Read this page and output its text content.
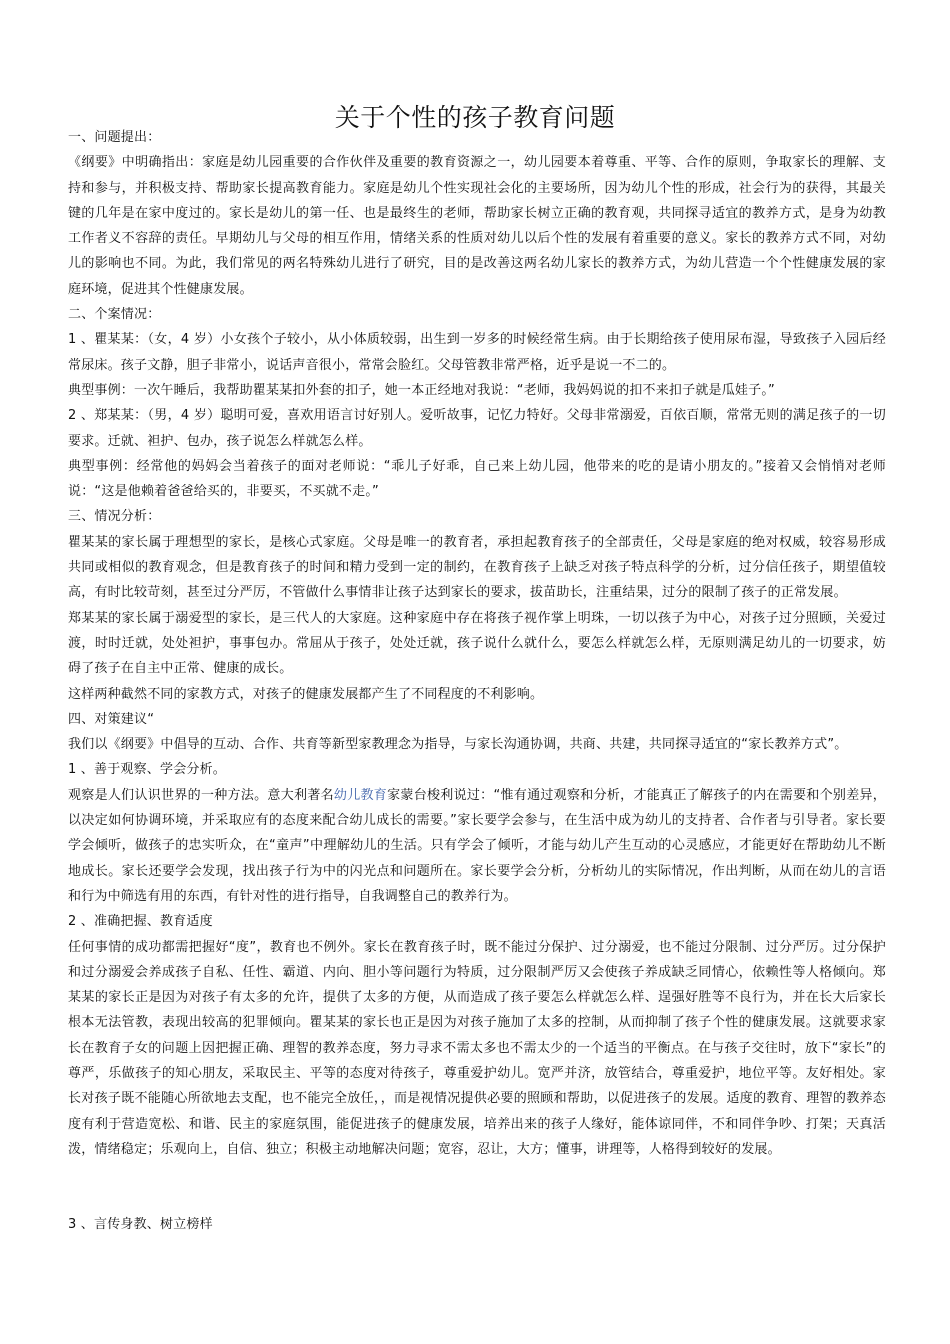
关于个性的孩子教育问题

一、问题提出：

《纲要》中明确指出：家庭是幼儿园重要的合作伙伴及重要的教育资源之一，幼儿园要本着尊重、平等、合作的原则，争取家长的理解、支持和参与，并积极支持、帮助家长提高教育能力。家庭是幼儿个性实现社会化的主要场所，因为幼儿个性的形成，社会行为的获得，其最关键的几年是在家中度过的。家长是幼儿的第一任、也是最终生的老师，帮助家长树立正确的教育观，共同探寻适宜的教养方式，是身为幼教工作者义不容辞的责任。早期幼儿与父母的相互作用，情绪关系的性质对幼儿以后个性的发展有着重要的意义。家长的教养方式不同，对幼儿的影响也不同。为此，我们常见的两名特殊幼儿进行了研究，目的是改善这两名幼儿家长的教养方式，为幼儿营造一个个性健康发展的家庭环境，促进其个性健康发展。

二、个案情况：

1 、瞿某某：（女，4 岁）小女孩个子较小，从小体质较弱，出生到一岁多的时候经常生病。由于长期给孩子使用尿布湿，导致孩子入园后经常尿床。孩子文静，胆子非常小，说话声音很小，常常会脸红。父母管教非常严格，近乎是说一不二的。

典型事例：一次午睡后，我帮助瞿某某扣外套的扣子，她一本正经地对我说：“老师，我妈妈说的扣不来扣子就是瓜娃子。”

2 、郑某某：（男，4 岁）聪明可爱，喜欢用语言讨好别人。爱听故事，记忆力特好。父母非常溺爱，百依百顺，常常无则的满足孩子的一切要求。迁就、袒护、包办，孩子说怎么样就怎么样。

典型事例：经常他的妈妈会当着孩子的面对老师说：“乖儿子好乖，自己来上幼儿园，他带来的吃的是请小朋友的。”接着又会悄悄对老师说：“这是他赖着爸爸给买的，非要买，不买就不走。”

三、情况分析：

瞿某某的家长属于理想型的家长，是核心式家庭。父母是唯一的教育者，承担起教育孩子的全部责任，父母是家庭的绝对权威，较容易形成共同或相似的教育观念，但是教育孩子的时间和精力受到一定的制约，在教育孩子上缺乏对孩子特点科学的分析，过分信任孩子，期望值较高，有时比较苛刻，甚至过分严厉，不管做什么事情非让孩子达到家长的要求，拔苗助长，注重结果，过分的限制了孩子的正常发展。

郑某某的家长属于溺爱型的家长，是三代人的大家庭。这种家庭中存在将孩子视作掌上明珠，一切以孩子为中心，对孩子过分照顾，关爱过渡，时时迁就，处处袒护，事事包办。常屈从于孩子，处处迁就，孩子说什么就什么，要怎么样就怎么样，无原则满足幼儿的一切要求，妨碍了孩子在自主中正常、健康的成长。

这样两种截然不同的家教方式，对孩子的健康发展都产生了不同程度的不利影响。

四、对策建议“

我们以《纲要》中倡导的互动、合作、共育等新型家教理念为指导，与家长沟通协调，共商、共建，共同探寻适宜的“家长教养方式”。

1 、善于观察、学会分析。

观察是人们认识世界的一种方法。意大利著名幼儿教育家蒙台梭利说过：“惟有通过观察和分析，才能真正了解孩子的内在需要和个别差异，以决定如何协调环境，并采取应有的态度来配合幼儿成长的需要。”家长要学会参与，在生活中成为幼儿的支持者、合作者与引导者。家长要学会倾听，做孩子的忠实听众，在“童声”中理解幼儿的生活。只有学会了倾听，才能与幼儿产生互动的心灵感应，才能更好在帮助幼儿不断地成长。家长还要学会发现，找出孩子行为中的闪光点和问题所在。家长要学会分析，分析幼儿的实际情况，作出判断，从而在幼儿的言语和行为中筛选有用的东西，有针对性的进行指导，自我调整自己的教养行为。

2 、准确把握、教育适度

任何事情的成功都需把握好“度”，教育也不例外。家长在教育孩子时，既不能过分保护、过分溺爱，也不能过分限制、过分严厉。过分保护和过分溺爱会养成孩子自私、任性、霸道、内向、胆小等问题行为特质，过分限制严厉又会使孩子养成缺乏同情心，依赖性等人格倾向。郑某某的家长正是因为对孩子有太多的允许，提供了太多的方便，从而造成了孩子要怎么样就怎么样、逞强好胜等不良行为，并在长大后家长根本无法管教，表现出较高的犯罪倾向。瞿某某的家长也正是因为对孩子施加了太多的控制，从而抑制了孩子个性的健康发展。这就要求家长在教育子女的问题上因把握正确、理智的教养态度，努力寻求不需太多也不需太少的一个适当的平衡点。在与孩子交往时，放下“家长”的尊严，乐做孩子的知心朋友，采取民主、平等的态度对待孩子，尊重爱护幼儿。宽严并济，放管结合，尊重爱护，地位平等。友好相处。家长对孩子既不能随心所欲地去支配，也不能完全放任，，而是视情况提供必要的照顾和帮助，以促进孩子的发展。适度的教育、理智的教养态度有利于营造宽松、和谐、民主的家庭氛围，能促进孩子的健康发展，培养出来的孩子人缘好，能体谅同伴，不和同伴争吵、打架；天真活泼，情绪稳定；乐观向上，自信、独立；积极主动地解决问题；宽容，忍让，大方；懂事，讲理等，人格得到较好的发展。

3 、言传身教、树立榜样
